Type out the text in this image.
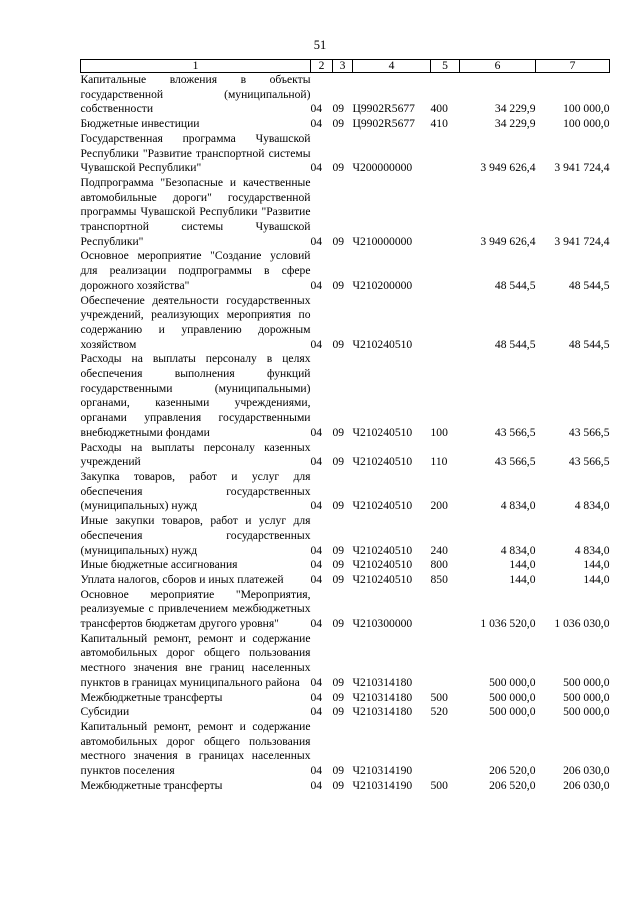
51
1	2	3	4	5	6	7
Капитальные вложения в объекты государственной (муниципальной) собственности	04	09	Ц9902R5677	400	34 229,9	100 000,0
Бюджетные инвестиции	04	09	Ц9902R5677	410	34 229,9	100 000,0
Государственная программа Чувашской Республики "Развитие транспортной системы Чувашской Республики"	04	09	Ч200000000		3 949 626,4	3 941 724,4
Подпрограмма "Безопасные и качественные автомобильные дороги" государственной программы Чувашской Республики "Развитие транспортной системы Чувашской Республики"	04	09	Ч210000000		3 949 626,4	3 941 724,4
Основное мероприятие "Создание условий для реализации подпрограммы в сфере дорожного хозяйства"	04	09	Ч210200000		48 544,5	48 544,5
Обеспечение деятельности государственных учреждений, реализующих мероприятия по содержанию и управлению дорожным хозяйством	04	09	Ч210240510		48 544,5	48 544,5
Расходы на выплаты персоналу в целях обеспечения выполнения функций государственными (муниципальными) органами, казенными учреждениями, органами управления государственными внебюджетными фондами	04	09	Ч210240510	100	43 566,5	43 566,5
Расходы на выплаты персоналу казенных учреждений	04	09	Ч210240510	110	43 566,5	43 566,5
Закупка товаров, работ и услуг для обеспечения государственных (муниципальных) нужд	04	09	Ч210240510	200	4 834,0	4 834,0
Иные закупки товаров, работ и услуг для обеспечения государственных (муниципальных) нужд	04	09	Ч210240510	240	4 834,0	4 834,0
Иные бюджетные ассигнования	04	09	Ч210240510	800	144,0	144,0
Уплата налогов, сборов и иных платежей	04	09	Ч210240510	850	144,0	144,0
Основное мероприятие "Мероприятия, реализуемые с привлечением межбюджетных трансфертов бюджетам другого уровня"	04	09	Ч210300000		1 036 520,0	1 036 030,0
Капитальный ремонт, ремонт и содержание автомобильных дорог общего пользования местного значения вне границ населенных пунктов в границах муниципального района	04	09	Ч210314180		500 000,0	500 000,0
Межбюджетные трансферты	04	09	Ч210314180	500	500 000,0	500 000,0
Субсидии	04	09	Ч210314180	520	500 000,0	500 000,0
Капитальный ремонт, ремонт и содержание автомобильных дорог общего пользования местного значения в границах населенных пунктов поселения	04	09	Ч210314190		206 520,0	206 030,0
Межбюджетные трансферты	04	09	Ч210314190	500	206 520,0	206 030,0
